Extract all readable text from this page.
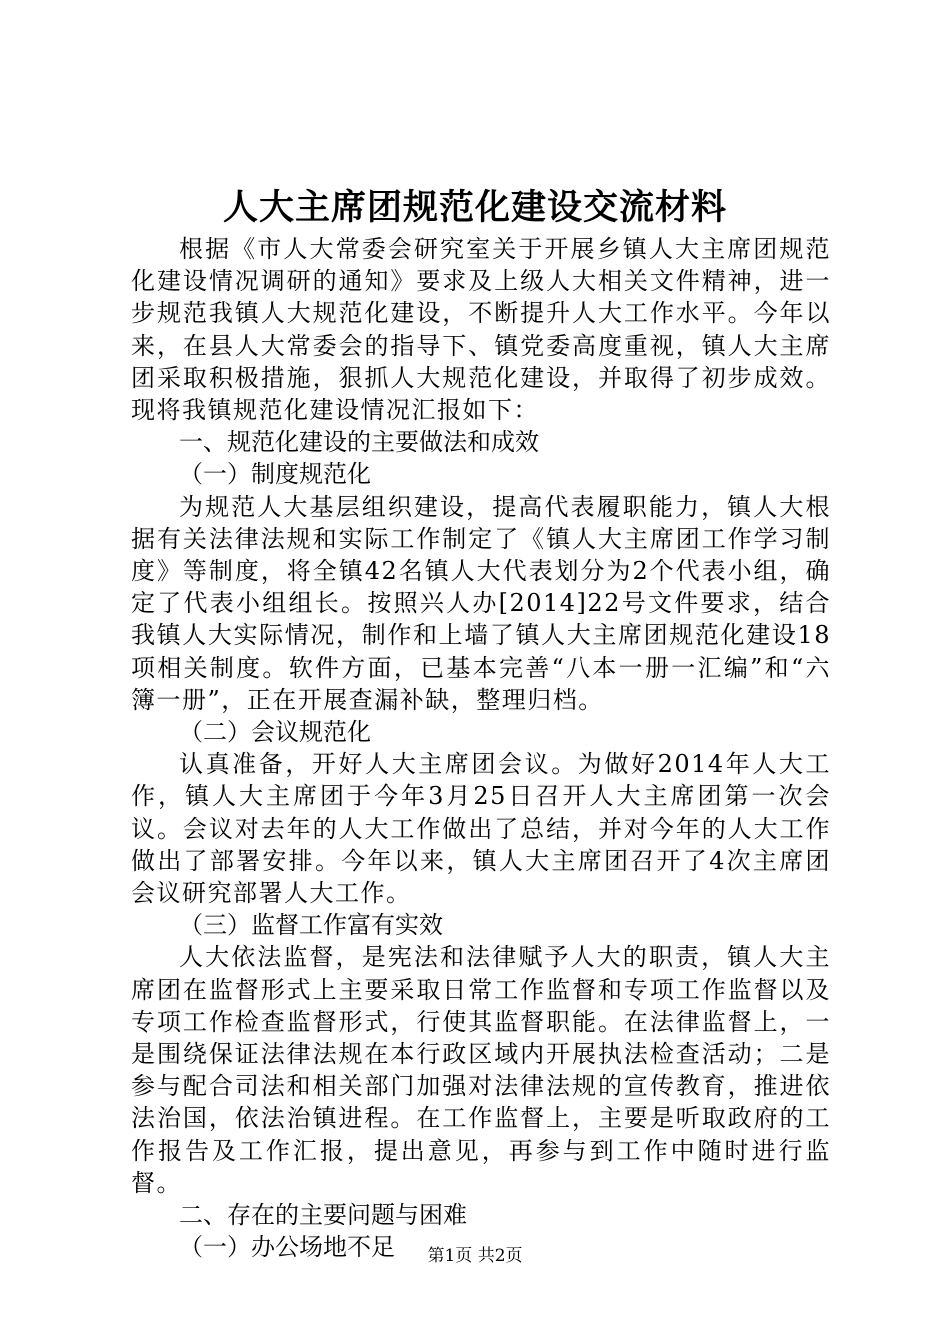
人大主席团规范化建设交流材料

根据《市人大常委会研究室关于开展乡镇人大主席团规范化建设情况调研的通知》要求及上级人大相关文件精神，进一步规范我镇人大规范化建设，不断提升人大工作水平。今年以来，在县人大常委会的指导下、镇党委高度重视，镇人大主席团采取积极措施，狠抓人大规范化建设，并取得了初步成效。现将我镇规范化建设情况汇报如下：

一、规范化建设的主要做法和成效
（一）制度规范化

为规范人大基层组织建设，提高代表履职能力，镇人大根据有关法律法规和实际工作制定了《镇人大主席团工作学习制度》等制度，将全镇42名镇人大代表划分为2个代表小组，确定了代表小组组长。按照兴人办[2014]22号文件要求，结合我镇人大实际情况，制作和上墙了镇人大主席团规范化建设18项相关制度。软件方面，已基本完善“八本一册一汇编”和“六簿一册”，正在开展查漏补缺，整理归档。

（二）会议规范化

认真准备，开好人大主席团会议。为做好2014年人大工作，镇人大主席团于今年3月25日召开人大主席团第一次会议。会议对去年的人大工作做出了总结，并对今年的人大工作做出了部署安排。今年以来，镇人大主席团召开了4次主席团会议研究部署人大工作。

（三）监督工作富有实效

人大依法监督，是宪法和法律赋予人大的职责，镇人大主席团在监督形式上主要采取日常工作监督和专项工作监督以及专项工作检查监督形式，行使其监督职能。在法律监督上，一是围绕保证法律法规在本行政区域内开展执法检查活动；二是参与配合司法和相关部门加强对法律法规的宣传教育，推进依法治国，依法治镇进程。在工作监督上，主要是听取政府的工作报告及工作汇报，提出意见，再参与到工作中随时进行监督。

二、存在的主要问题与困难
（一）办公场地不足	第1页 共2页
